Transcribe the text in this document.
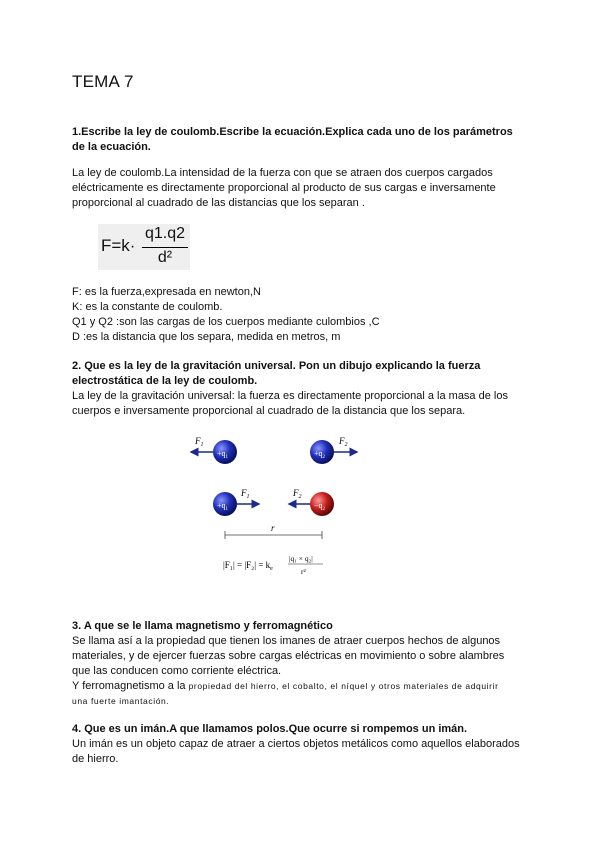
TEMA 7
1.Escribe la ley de coulomb.Escribe la ecuación.Explica cada uno de los parámetros
de la ecuación.
La ley de coulomb.La intensidad de la fuerza con que se atraen dos cuerpos cargados
eléctricamente es directamente proporcional al producto de sus cargas e inversamente
proporcional al cuadrado de las distancias que los separan .
F=k·
q1.q2
d²
F: es la fuerza,expresada en newton,N
K: es la constante de coulomb.
Q1 y Q2 :son las cargas de los cuerpos mediante culombios ,C
D :es la distancia que los separa, medida en metros, m
2. Que es la ley de la gravitación universal. Pon un dibujo explicando la fuerza
electrostática de la ley de coulomb.
La ley de la gravitación universal: la fuerza es directamente proporcional a la masa de los
cuerpos e inversamente proporcional al cuadrado de la distancia que los separa.
$F_1$
$+q_1$	$+q_2$
$F_2$
$+q_1$
$F_1$	$F_2$
$-q_2$
r
$|F_1| = |F_2| = k_e$
|q₁ × q₂|
r²
3. A que se le llama magnetismo y ferromagnético
Se llama así a la propiedad que tienen los imanes de atraer cuerpos hechos de algunos
materiales, y de ejercer fuerzas sobre cargas eléctricas en movimiento o sobre alambres
que las conducen como corriente eléctrica.
Y ferromagnetismo a la propiedad del hierro, el cobalto, el níquel y otros materiales de adquirir
una fuerte imantación.
4. Que es un imán.A que llamamos polos.Que ocurre si rompemos un imán.
Un imán es un objeto capaz de atraer a ciertos objetos metálicos como aquellos elaborados
de hierro.
